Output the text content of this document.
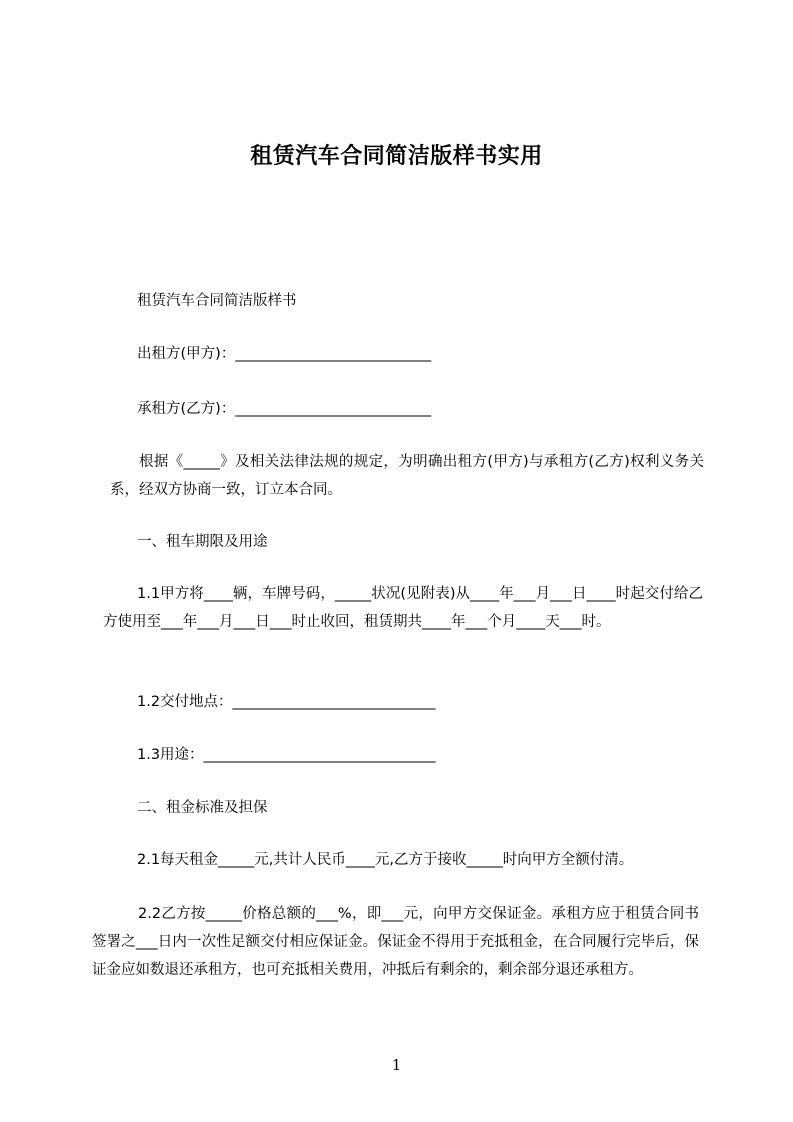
租赁汽车合同简洁版样书实用
租赁汽车合同简洁版样书
出租方(甲方)：___________________________
承租方(乙方)：___________________________
根据《_____》及相关法律法规的规定，为明确出租方(甲方)与承租方(乙方)权利义务关系，经双方协商一致，订立本合同。
一、租车期限及用途
1.1甲方将____辆，车牌号码，_____状况(见附表)从____年___月___日____时起交付给乙方使用至___年___月___日___时止收回，租赁期共____年___个月____天___时。
1.2交付地点：____________________________
1.3用途：________________________________
二、租金标准及担保
2.1每天租金_____元,共计人民币____元,乙方于接收_____时向甲方全额付清。
2.2乙方按_____价格总额的___%，即___元，向甲方交保证金。承租方应于租赁合同书签署之___日内一次性足额交付相应保证金。保证金不得用于充抵租金，在合同履行完毕后，保证金应如数退还承租方，也可充抵相关费用，冲抵后有剩余的，剩余部分退还承租方。
1
